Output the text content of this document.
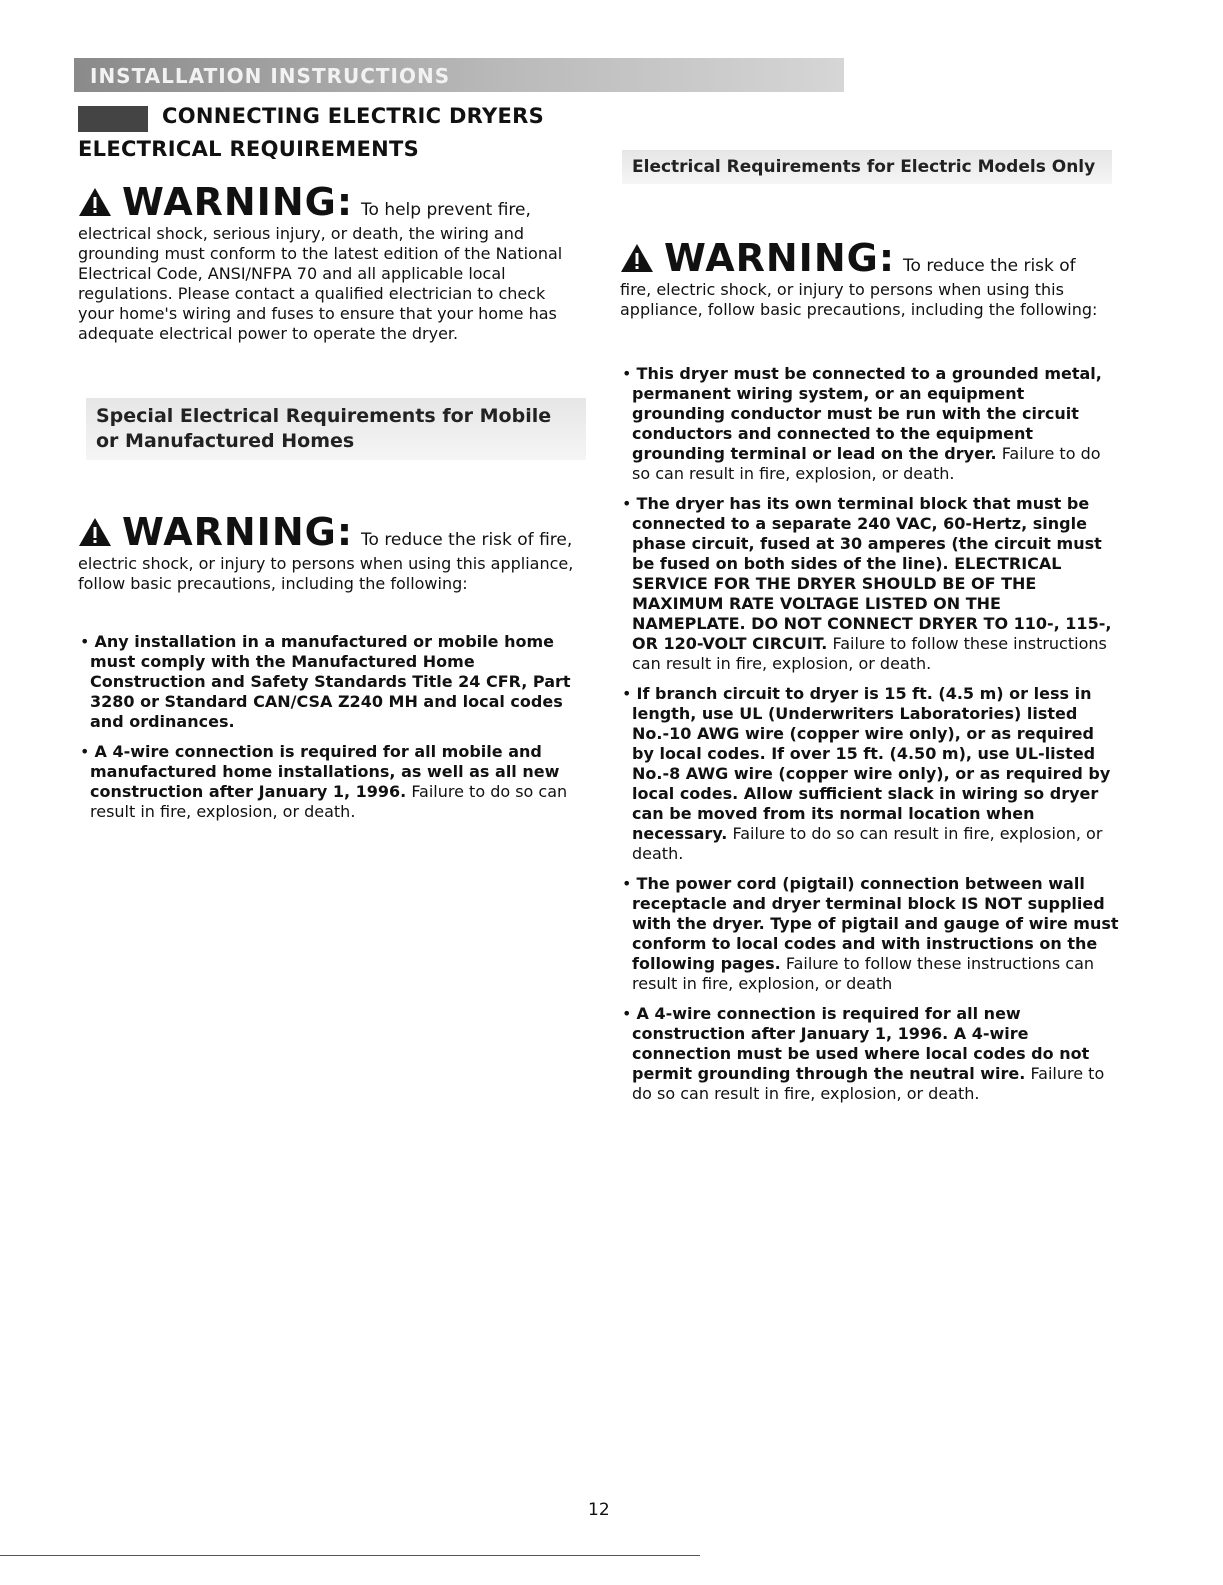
INSTALLATION INSTRUCTIONS
CONNECTING ELECTRIC DRYERS
ELECTRICAL REQUIREMENTS
WARNING: To help prevent fire,
electrical shock, serious injury, or death, the wiring and grounding must conform to the latest edition of the National Electrical Code, ANSI/NFPA 70 and all applicable local regulations. Please contact a qualified electrician to check your home's wiring and fuses to ensure that your home has adequate electrical power to operate the dryer.
Special Electrical Requirements for Mobile or Manufactured Homes
WARNING: To reduce the risk of fire,
electric shock, or injury to persons when using this appliance, follow basic precautions, including the following:
• Any installation in a manufactured or mobile home must comply with the Manufactured Home Construction and Safety Standards Title 24 CFR, Part 3280 or Standard CAN/CSA Z240 MH and local codes and ordinances.
• A 4-wire connection is required for all mobile and manufactured home installations, as well as all new construction after January 1, 1996. Failure to do so can result in fire, explosion, or death.
Electrical Requirements for Electric Models Only
WARNING: To reduce the risk of
fire, electric shock, or injury to persons when using this appliance, follow basic precautions, including the following:
• This dryer must be connected to a grounded metal, permanent wiring system, or an equipment grounding conductor must be run with the circuit conductors and connected to the equipment grounding terminal or lead on the dryer. Failure to do so can result in fire, explosion, or death.
• The dryer has its own terminal block that must be connected to a separate 240 VAC, 60-Hertz, single phase circuit, fused at 30 amperes (the circuit must be fused on both sides of the line). ELECTRICAL SERVICE FOR THE DRYER SHOULD BE OF THE MAXIMUM RATE VOLTAGE LISTED ON THE NAMEPLATE. DO NOT CONNECT DRYER TO 110-, 115-, OR 120-VOLT CIRCUIT. Failure to follow these instructions can result in fire, explosion, or death.
• If branch circuit to dryer is 15 ft. (4.5 m) or less in length, use UL (Underwriters Laboratories) listed No.-10 AWG wire (copper wire only), or as required by local codes. If over 15 ft. (4.50 m), use UL-listed No.-8 AWG wire (copper wire only), or as required by local codes. Allow sufficient slack in wiring so dryer can be moved from its normal location when necessary. Failure to do so can result in fire, explosion, or death.
• The power cord (pigtail) connection between wall receptacle and dryer terminal block IS NOT supplied with the dryer. Type of pigtail and gauge of wire must conform to local codes and with instructions on the following pages. Failure to follow these instructions can result in fire, explosion, or death
• A 4-wire connection is required for all new construction after January 1, 1996. A 4-wire connection must be used where local codes do not permit grounding through the neutral wire. Failure to do so can result in fire, explosion, or death.
12
